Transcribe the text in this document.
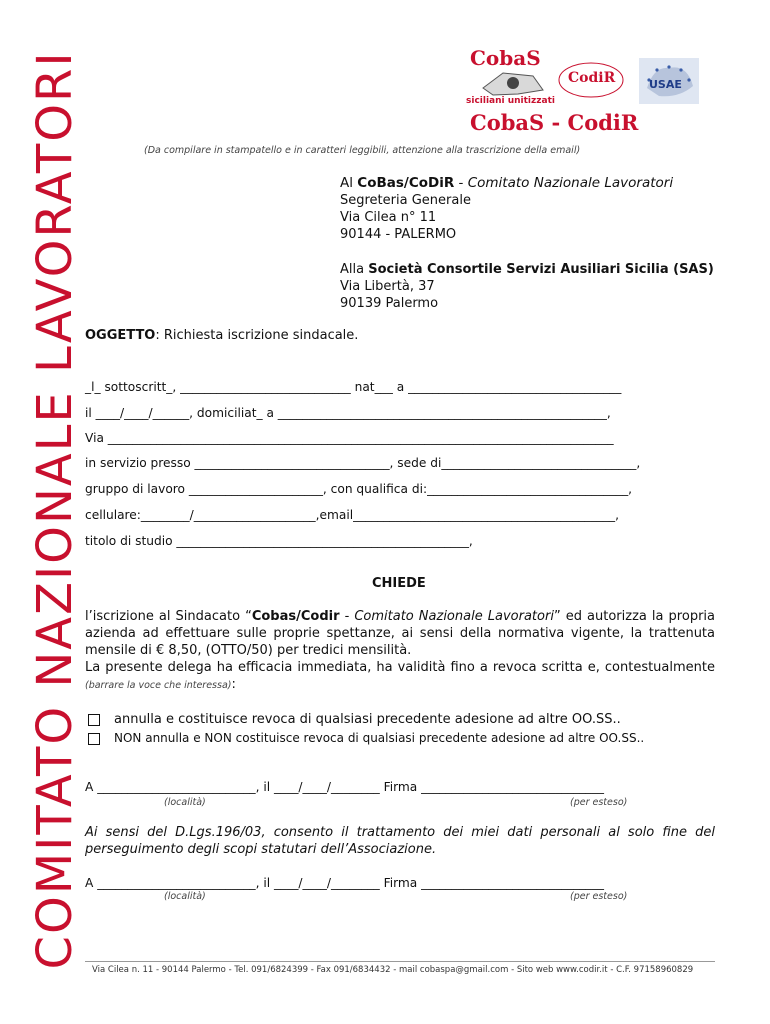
COMITATO NAZIONALE LAVORATORI	CobaS
siciliani unitizzati
CobaS - CodiR
CodiR	USAE
(Da compilare in stampatello e in caratteri leggibili, attenzione alla trascrizione della email)
Al CoBas/CoDiR - Comitato Nazionale Lavoratori
Segreteria Generale
Via Cilea n° 11
90144 - PALERMO
Alla Società Consortile Servizi Ausiliari Sicilia (SAS)
Via Libertà, 37
90139 Palermo
OGGETTO: Richiesta iscrizione sindacale.
_l_ sottoscritt_, ____________________________ nat___ a ___________________________________
il ____/____/______, domiciliat_ a ______________________________________________________,
Via ___________________________________________________________________________________
in servizio presso ________________________________, sede di________________________________,
gruppo di lavoro ______________________, con qualifica di:_________________________________,
cellulare:________/____________________,email___________________________________________,
titolo di studio ________________________________________________,
CHIEDE
l’iscrizione al Sindacato “Cobas/Codir - Comitato Nazionale Lavoratori” ed autorizza la propria azienda ad effettuare sulle proprie spettanze, ai sensi della normativa vigente, la trattenuta mensile di € 8,50, (OTTO/50) per tredici mensilità.
La presente delega ha efficacia immediata, ha validità fino a revoca scritta e, contestualmente (barrare la voce che interessa):
annulla e costituisce revoca di qualsiasi precedente adesione ad altre OO.SS..
NON annulla e NON costituisce revoca di qualsiasi precedente adesione ad altre OO.SS..
A __________________________, il ____/____/________ Firma ______________________________
(località)	(per esteso)
Ai sensi del D.Lgs.196/03, consento il trattamento dei miei dati personali al solo fine del perseguimento degli scopi statutari dell’Associazione.
A __________________________, il ____/____/________ Firma ______________________________
(località)	(per esteso)
Via Cilea n. 11 - 90144 Palermo - Tel. 091/6824399 - Fax 091/6834432 - mail cobaspa@gmail.com - Sito web www.codir.it - C.F. 97158960829
